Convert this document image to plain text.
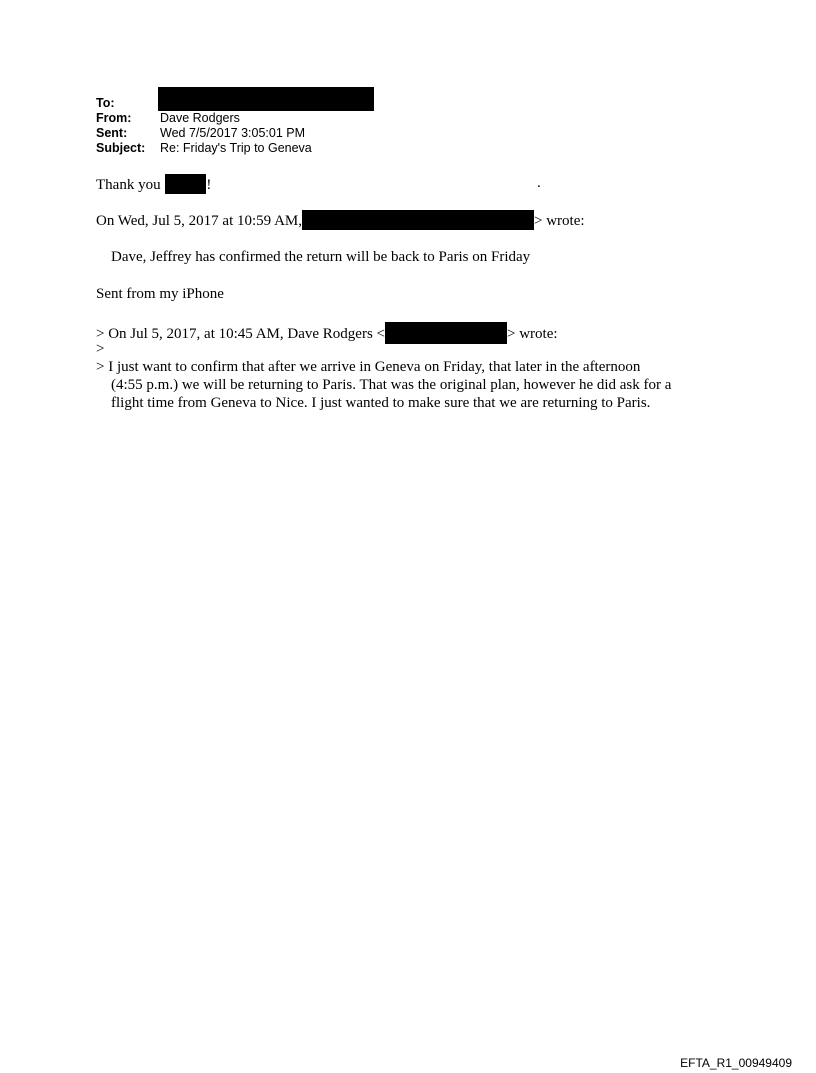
To:
From:	Dave Rodgers
Sent:	Wed 7/5/2017 3:05:01 PM
Subject:	Re: Friday's Trip to Geneva
Thank you	!	.
On Wed, Jul 5, 2017 at 10:59 AM,	> wrote:
Dave, Jeffrey has confirmed the return will be back to Paris on Friday
Sent from my iPhone
> On Jul 5, 2017, at 10:45 AM, Dave Rodgers <	> wrote:
>
> I just want to confirm that after we arrive in Geneva on Friday, that later in the afternoon
(4:55 p.m.) we will be returning to Paris. That was the original plan, however he did ask for a
flight time from Geneva to Nice. I just wanted to make sure that we are returning to Paris.
EFTA_R1_00949409
